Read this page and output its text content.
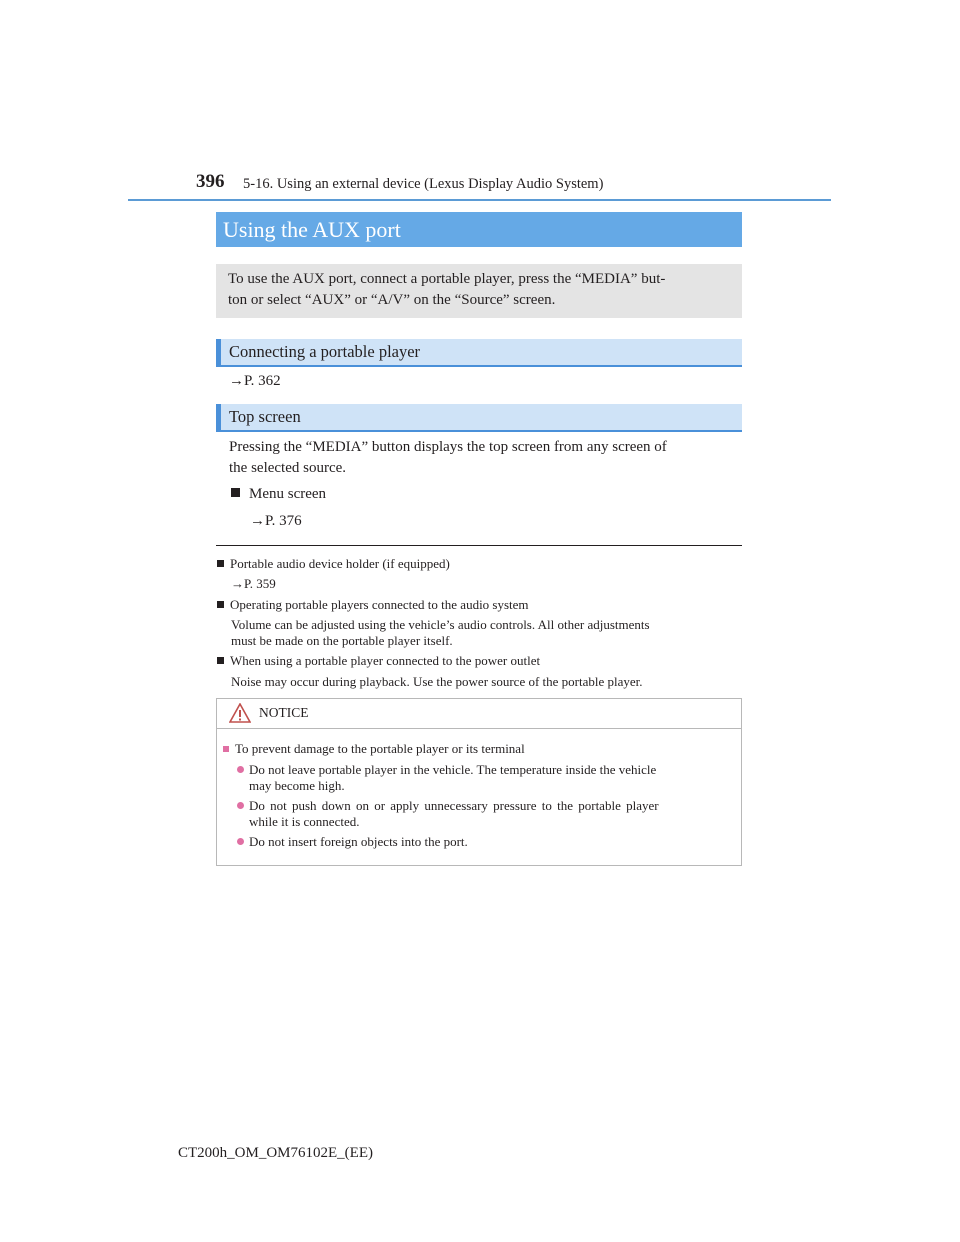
396 5-16. Using an external device (Lexus Display Audio System)
Using the AUX port
To use the AUX port, connect a portable player, press the “MEDIA” but-
ton or select “AUX” or “A/V” on the “Source” screen.
Connecting a portable player
→P. 362
Top screen
Pressing the “MEDIA” button displays the top screen from any screen of
the selected source.
Menu screen
→P. 376
Portable audio device holder (if equipped)
→P. 359
Operating portable players connected to the audio system
Volume can be adjusted using the vehicle’s audio controls. All other adjustments
must be made on the portable player itself.
When using a portable player connected to the power outlet
Noise may occur during playback. Use the power source of the portable player.
NOTICE
To prevent damage to the portable player or its terminal
Do not leave portable player in the vehicle. The temperature inside the vehicle
may become high.
Do not push down on or apply unnecessary pressure to the portable player
while it is connected.
Do not insert foreign objects into the port.
CT200h_OM_OM76102E_(EE)
